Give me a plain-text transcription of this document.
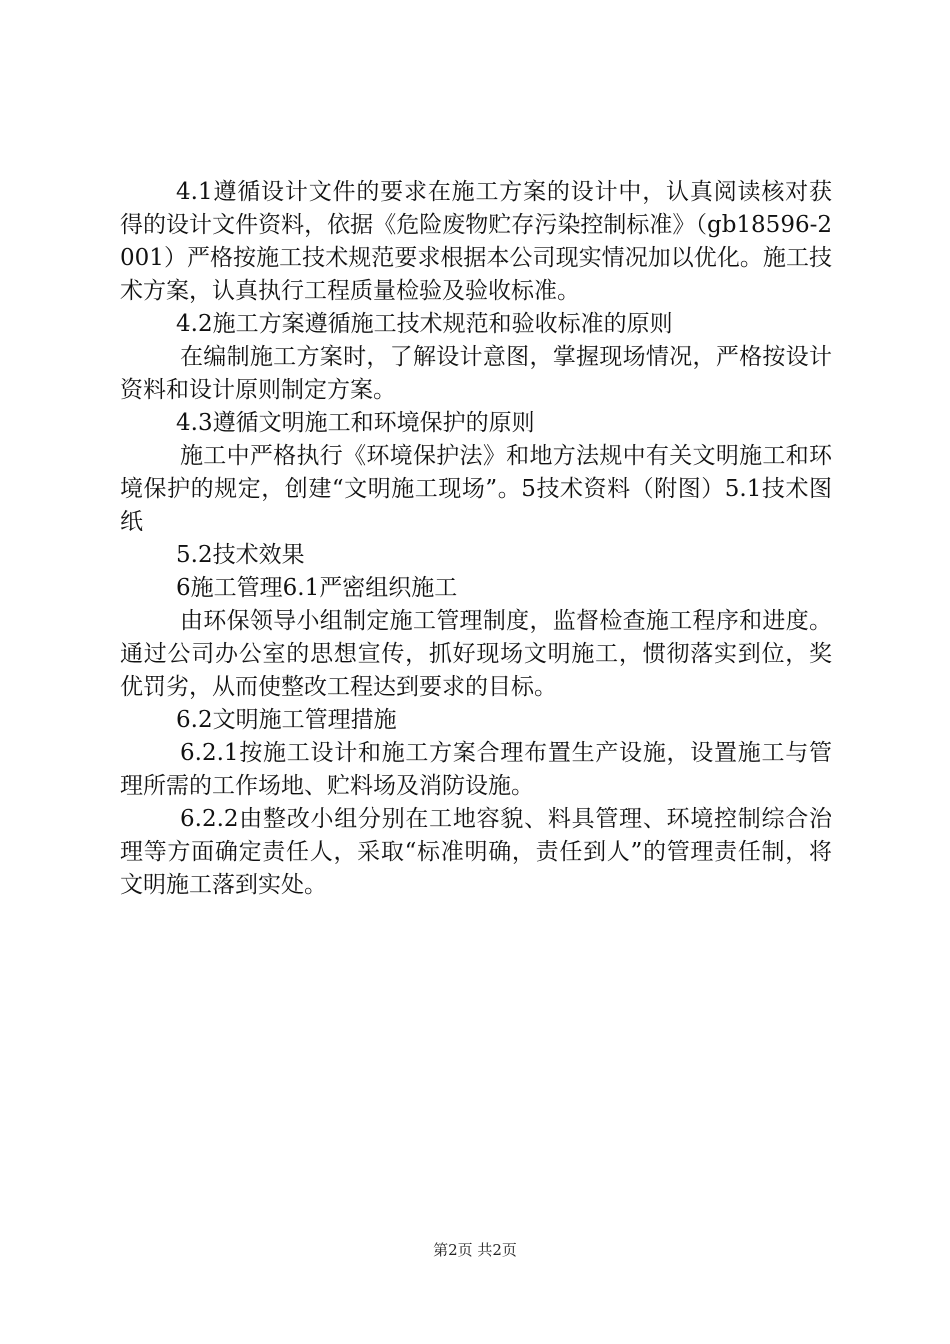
4.1遵循设计文件的要求在施工方案的设计中，认真阅读核对获得的设计文件资料，依据《危险废物贮存污染控制标准》（gb18596-2001）严格按施工技术规范要求根据本公司现实情况加以优化。施工技术方案，认真执行工程质量检验及验收标准。

4.2施工方案遵循施工技术规范和验收标准的原则

在编制施工方案时，了解设计意图，掌握现场情况，严格按设计资料和设计原则制定方案。

4.3遵循文明施工和环境保护的原则

施工中严格执行《环境保护法》和地方法规中有关文明施工和环境保护的规定，创建“文明施工现场”。5技术资料（附图）5.1技术图纸

5.2技术效果

6施工管理6.1严密组织施工

由环保领导小组制定施工管理制度，监督检查施工程序和进度。通过公司办公室的思想宣传，抓好现场文明施工，惯彻落实到位，奖优罚劣，从而使整改工程达到要求的目标。

6.2文明施工管理措施

6.2.1按施工设计和施工方案合理布置生产设施，设置施工与管理所需的工作场地、贮料场及消防设施。

6.2.2由整改小组分别在工地容貌、料具管理、环境控制综合治理等方面确定责任人，采取“标准明确，责任到人”的管理责任制，将文明施工落到实处。

第2页 共2页
